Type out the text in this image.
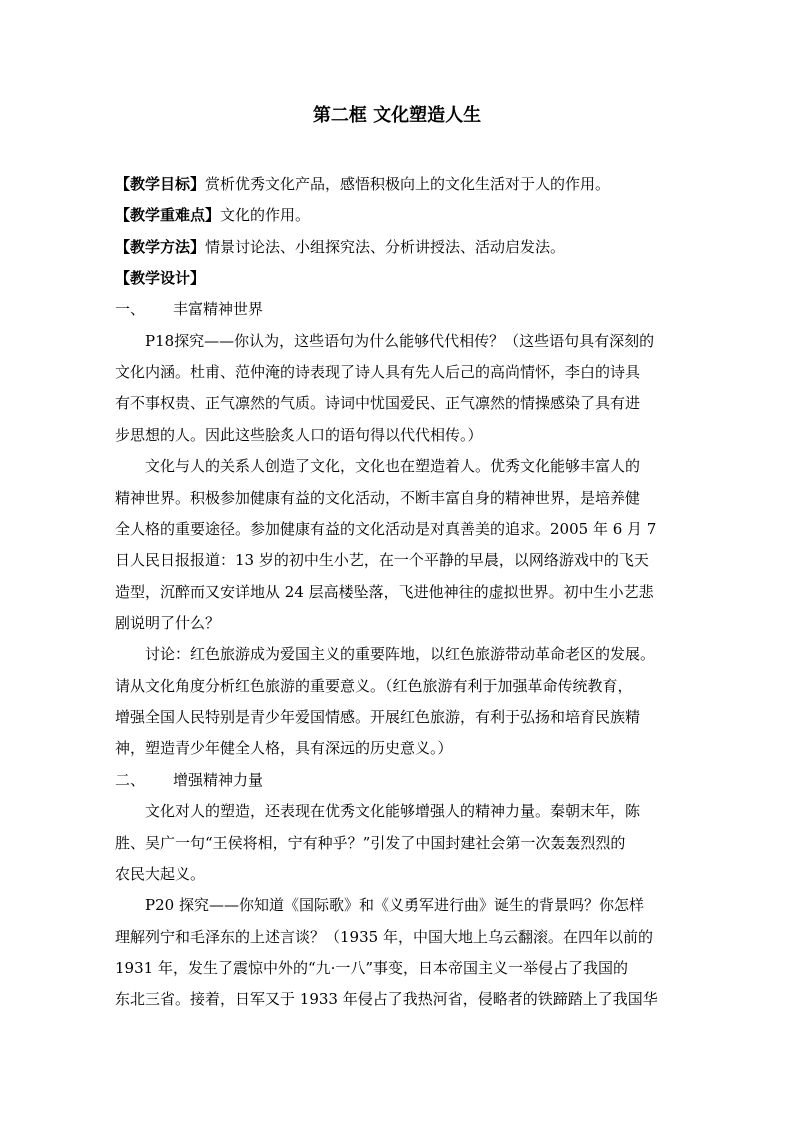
第二框 文化塑造人生
【教学目标】赏析优秀文化产品，感悟积极向上的文化生活对于人的作用。
【教学重难点】文化的作用。
【教学方法】情景讨论法、小组探究法、分析讲授法、活动启发法。
【教学设计】
一、 丰富精神世界
P18探究——你认为，这些语句为什么能够代代相传？（这些语句具有深刻的
文化内涵。杜甫、范仲淹的诗表现了诗人具有先人后己的高尚情怀，李白的诗具
有不事权贵、正气凛然的气质。诗词中忧国爱民、正气凛然的情操感染了具有进
步思想的人。因此这些脍炙人口的语句得以代代相传。）
文化与人的关系人创造了文化，文化也在塑造着人。优秀文化能够丰富人的
精神世界。积极参加健康有益的文化活动，不断丰富自身的精神世界，是培养健
全人格的重要途径。参加健康有益的文化活动是对真善美的追求。2005 年 6 月 7
日人民日报报道：13 岁的初中生小艺，在一个平静的早晨，以网络游戏中的飞天
造型，沉醉而又安详地从 24 层高楼坠落，飞进他神往的虚拟世界。初中生小艺悲
剧说明了什么？
讨论：红色旅游成为爱国主义的重要阵地，以红色旅游带动革命老区的发展。
请从文化角度分析红色旅游的重要意义。（红色旅游有利于加强革命传统教育，
增强全国人民特别是青少年爱国情感。开展红色旅游，有利于弘扬和培育民族精
神，塑造青少年健全人格，具有深远的历史意义。）
二、 增强精神力量
文化对人的塑造，还表现在优秀文化能够增强人的精神力量。秦朝末年，陈
胜、吴广一句“王侯将相，宁有种乎？”引发了中国封建社会第一次轰轰烈烈的
农民大起义。
P20 探究——你知道《国际歌》和《义勇军进行曲》诞生的背景吗？你怎样
理解列宁和毛泽东的上述言谈？（1935 年，中国大地上乌云翻滚。在四年以前的
1931 年，发生了震惊中外的“九·一八”事变，日本帝国主义一举侵占了我国的
东北三省。接着，日军又于 1933 年侵占了我热河省，侵略者的铁蹄踏上了我国华
